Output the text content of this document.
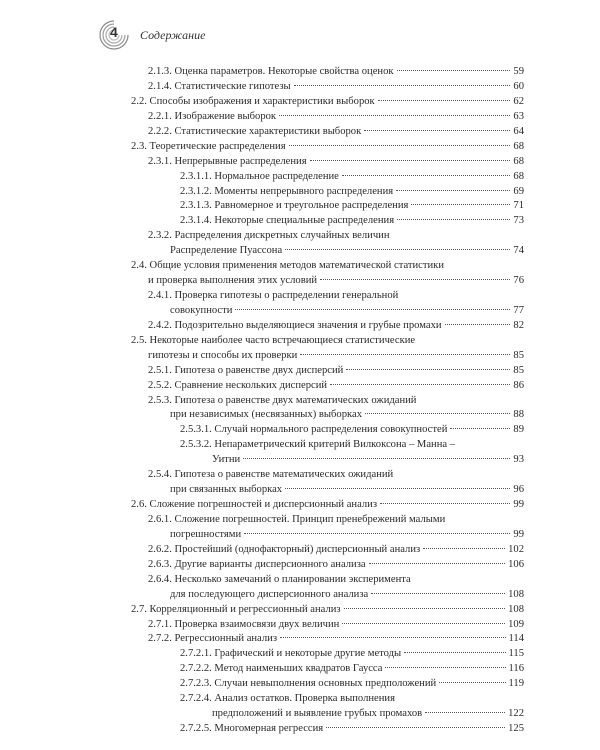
4 Содержание
2.1.3. Оценка параметров. Некоторые свойства оценок	59
2.1.4. Статистические гипотезы	60
2.2. Способы изображения и характеристики выборок	62
2.2.1. Изображение выборок	63
2.2.2. Статистические характеристики выборок	64
2.3. Теоретические распределения	68
2.3.1. Непрерывные распределения	68
2.3.1.1. Нормальное распределение	68
2.3.1.2. Моменты непрерывного распределения	69
2.3.1.3. Равномерное и треугольное распределения	71
2.3.1.4. Некоторые специальные распределения	73
2.3.2. Распределения дискретных случайных величин
Распределение Пуассона	74
2.4. Общие условия применения методов математической статистики
и проверка выполнения этих условий	76
2.4.1. Проверка гипотезы о распределении генеральной
совокупности	77
2.4.2. Подозрительно выделяющиеся значения и грубые промахи	82
2.5. Некоторые наиболее часто встречающиеся статистические
гипотезы и способы их проверки	85
2.5.1. Гипотеза о равенстве двух дисперсий	85
2.5.2. Сравнение нескольких дисперсий	86
2.5.3. Гипотеза о равенстве двух математических ожиданий
при независимых (несвязанных) выборках	88
2.5.3.1. Случай нормального распределения совокупностей	89
2.5.3.2. Непараметрический критерий Вилкоксона – Манна –
Уитни	93
2.5.4. Гипотеза о равенстве математических ожиданий
при связанных выборках	96
2.6. Сложение погрешностей и дисперсионный анализ	99
2.6.1. Сложение погрешностей. Принцип пренебрежений малыми
погрешностями	99
2.6.2. Простейший (однофакторный) дисперсионный анализ	102
2.6.3. Другие варианты дисперсионного анализа	106
2.6.4. Несколько замечаний о планировании эксперимента
для последующего дисперсионного анализа	108
2.7. Корреляционный и регрессионный анализ	108
2.7.1. Проверка взаимосвязи двух величин	109
2.7.2. Регрессионный анализ	114
2.7.2.1. Графический и некоторые другие методы	115
2.7.2.2. Метод наименьших квадратов Гаусса	116
2.7.2.3. Случаи невыполнения основных предположений	119
2.7.2.4. Анализ остатков. Проверка выполнения
предположений и выявление грубых промахов	122
2.7.2.5. Многомерная регрессия	125
